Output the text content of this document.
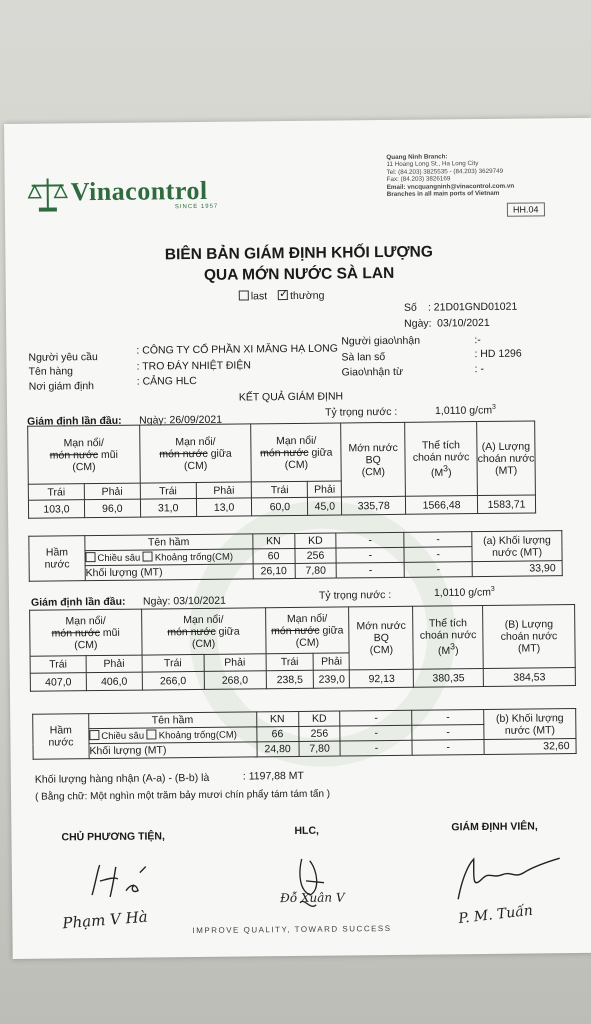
Vinacontrol
SINCE 1957
Quang Ninh Branch:
11 Hoang Long St., Ha Long City
Tel: (84.203) 3825535 - (84.203) 3629749
Fax: (84.203) 3826169
Email: vncquangninh@vinacontrol.com.vn
Branches in all main ports of Vietnam
HH.04
BIÊN BẢN GIÁM ĐỊNH KHỐI LƯỢNG
QUA MỚN NƯỚC SÀ LAN
last ✓ thường
Số : 21D01GND01021
Ngày: 03/10/2021
Người yêu cầu
: CÔNG TY CỔ PHẦN XI MĂNG HẠ LONG
Tên hàng	: TRO ĐÁY NHIỆT ĐIỆN
Nơi giám định	: CẢNG HLC
Người giao\nhận	:-
Sà lan số	: HD 1296
Giao\nhận từ	: -
KẾT QUẢ GIÁM ĐỊNH
Giám định lần đầu: Ngày: 26/09/2021
Tỷ trọng nước :	1,0110 $g/cm^3$
Mạn nổi/
món nước mũi
(CM)		Mạn nổi/
món nước giữa
(CM)		Mạn nổi/
món nước giữa
(CM)		Mớn nước
BQ
(CM)	Thể tích
choán nước
$(M^3)$	(A) Lượng
choán nước
(MT)
Trái	Phải	Trái	Phải	Trái	Phải			
103,0	96,0	31,0	13,0	60,0	45,0	335,78	1566,48	1583,71
Hầm
nước	Tên hầm	KN	KD	-	-	(a) Khối lượng nước (MT)
	Chiều sâu Khoảng trống(CM)	60	256	-	-	
	Khối lượng (MT)	26,10	7,80	-	-	33,90
Giám định lần đầu: Ngày: 03/10/2021	Tỷ trọng nước :	1,0110 $g/cm^3$
Mạn nổi/
món nước mũi
(CM)		Mạn nổi/
món nước giữa
(CM)		Mạn nổi/
món nước giữa
(CM)		Mớn nước
BQ
(CM)	Thể tích
choán nước
$(M^3)$	(B) Lượng
choán nước
(MT)
Trái	Phải	Trái	Phải	Trái	Phải			
407,0	406,0	266,0	268,0	238,5	239,0	92,13	380,35	384,53
Hầm
nước	Tên hầm	KN	KD	-	-	(b) Khối lượng nước (MT)
	Chiều sâu Khoảng trống(CM)	66	256	-	-	
	Khối lượng (MT)	24,80	7,80	-	-	32,60
Khối lượng hàng nhận (A-a) - (B-b) là	: 1197,88 MT
( Bằng chữ: Một nghìn một trăm bảy mươi chín phẩy tám tám tấn )
CHỦ PHƯƠNG TIỆN,	HLC,	GIÁM ĐỊNH VIÊN,
Phạm V Hà
Đỗ Xuân V
P. M. Tuấn
IMPROVE QUALITY, TOWARD SUCCESS
